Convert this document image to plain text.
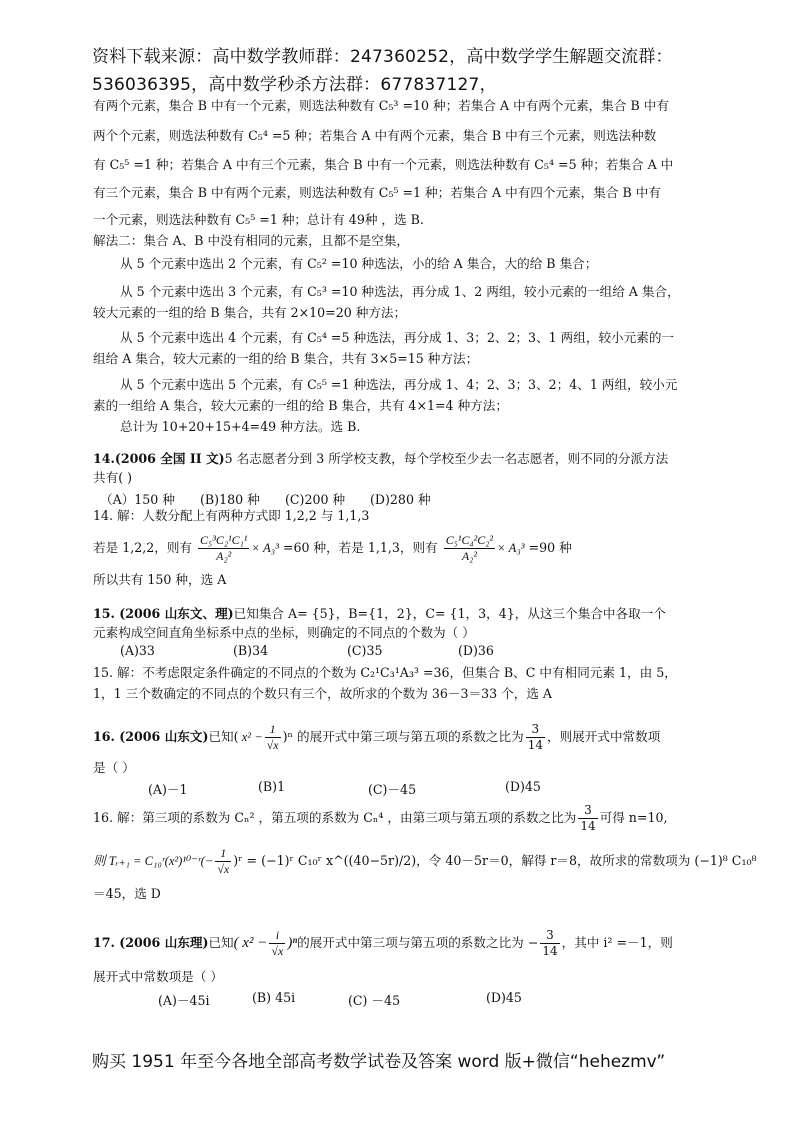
资料下载来源：高中数学教师群：247360252，高中数学学生解题交流群：
536036395，高中数学秒杀方法群：677837127，
有两个元素，集合 B 中有一个元素，则选法种数有 C₅³ =10 种；若集合 A 中有两个元素，集合 B 中有
两个个元素，则选法种数有 C₅⁴ =5 种；若集合 A 中有两个元素，集合 B 中有三个元素，则选法种数
有 C₅⁵ =1 种；若集合 A 中有三个元素，集合 B 中有一个元素，则选法种数有 C₅⁴ =5 种；若集合 A 中
有三个元素，集合 B 中有两个元素，则选法种数有 C₅⁵ =1 种；若集合 A 中有四个元素，集合 B 中有
一个元素，则选法种数有 C₅⁵ =1 种；总计有 49种 ，选 B.
解法二：集合 A、B 中没有相同的元素，且都不是空集，
从 5 个元素中选出 2 个元素，有 C₅² =10 种选法，小的给 A 集合，大的给 B 集合；
从 5 个元素中选出 3 个元素，有 C₅³ =10 种选法，再分成 1、2 两组，较小元素的一组给 A 集合，
较大元素的一组的给 B 集合，共有 2×10=20 种方法；
从 5 个元素中选出 4 个元素，有 C₅⁴ =5 种选法，再分成 1、3；2、2；3、1 两组，较小元素的一
组给 A 集合，较大元素的一组的给 B 集合，共有 3×5=15 种方法；
从 5 个元素中选出 5 个元素，有 C₅⁵ =1 种选法，再分成 1、4；2、3；3、2；4、1 两组，较小元
素的一组给 A 集合，较大元素的一组的给 B 集合，共有 4×1=4 种方法；
总计为 10+20+15+4=49 种方法。选 B.
14.(2006 全国 II 文)5 名志愿者分到 3 所学校支教，每个学校至少去一名志愿者，则不同的分派方法
共有( )
（A）150 种 (B)180 种 (C)200 种 (D)280 种
14. 解：人数分配上有两种方式即 1,2,2 与 1,1,3
若是 1,2,2，则有 $\frac{\text{C₅³C₂¹C₁¹}}{\text{A₂²}} \times A_3^3 =60$ 种，若是 1,1,3，则有 $\frac{\text{C₅¹C₄²C₂²}}{\text{A₂²}} \times A_3^3 =90$ 种
所以共有 150 种，选 A
15. (2006 山东文、理)已知集合 A= {5}，B={1，2}，C= {1，3，4}，从这三个集合中各取一个
元素构成空间直角坐标系中点的坐标，则确定的不同点的个数为（ ）
(A)33	(B)34	(C)35	(D)36
15. 解：不考虑限定条件确定的不同点的个数为 C₂¹C₃¹A₃³ =36，但集合 B、C 中有相同元素 1，由 5，
1，1 三个数确定的不同点的个数只有三个，故所求的个数为 36－3＝33 个，选 A
16. (2006 山东文)已知( $x^2 - \frac{1}{√x} )^n$ 的展开式中第三项与第五项的系数之比为 $\frac{3}{14}$ ，则展开式中常数项
是（ ）
(A)－1	(B)1	(C)－45	(D)45
16. 解：第三项的系数为 Cₙ² ，第五项的系数为 Cₙ⁴ ，由第三项与第五项的系数之比为 $\frac{3}{14}$ 可得 n=10,
则 Tᵣ₊₁ = C₁₀ʳ(x²)¹⁰⁻ʳ(− $\frac{1}{√x}$ )ʳ = (−1)ʳ C₁₀ʳ x^((40−5r)/2)，令 40－5r＝0，解得 r＝8，故所求的常数项为 (−1)⁸ C₁₀⁸
＝45，选 D
17. (2006 山东理)已知( $x^2 - \frac{i}{√x} )^n$的展开式中第三项与第五项的系数之比为 − $\frac{3}{14}$ ，其中 i² =－1，则
展开式中常数项是（ ）
(A)－45i	(B) 45i	(C) －45	(D)45
购买 1951 年至今各地全部高考数学试卷及答案 word 版+微信“hehezmv”
